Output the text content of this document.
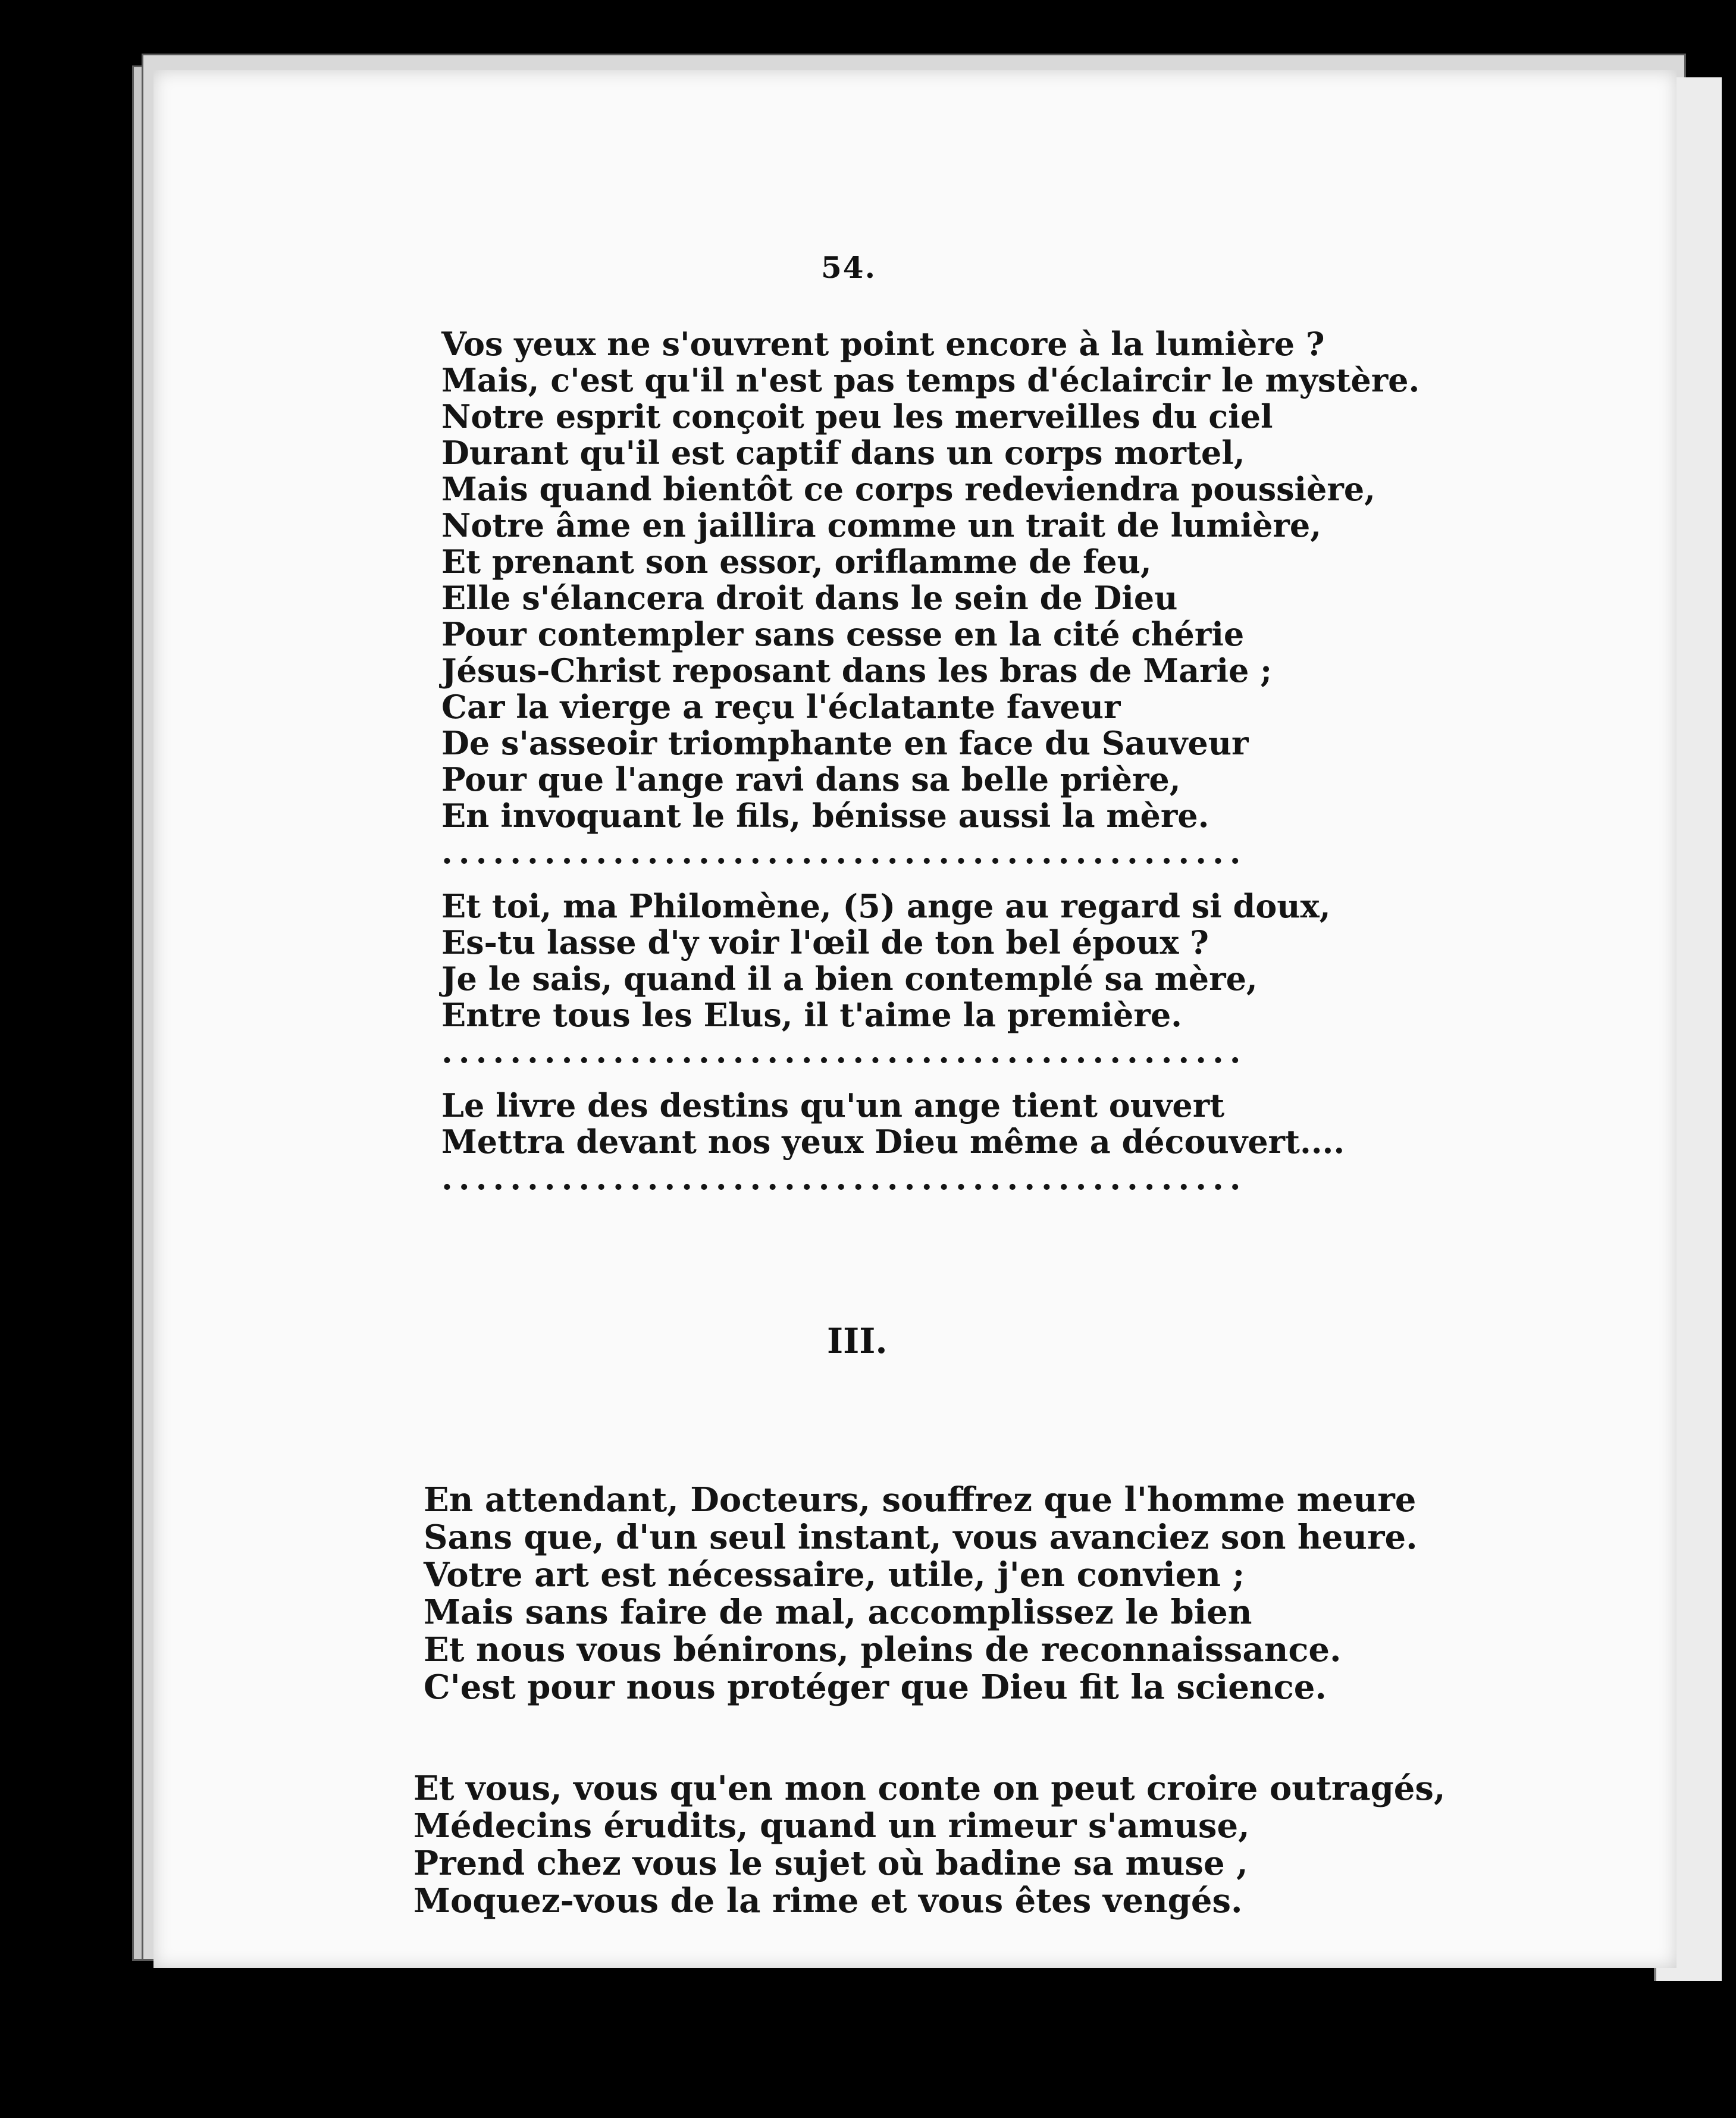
54.
Vos yeux ne s'ouvrent point encore à la lumière ?
Mais, c'est qu'il n'est pas temps d'éclaircir le mystère.
Notre esprit conçoit peu les merveilles du ciel
Durant qu'il est captif dans un corps mortel,
Mais quand bientôt ce corps redeviendra poussière,
Notre âme en jaillira comme un trait de lumière,
Et prenant son essor, oriflamme de feu,
Elle s'élancera droit dans le sein de Dieu
Pour contempler sans cesse en la cité chérie
Jésus-Christ reposant dans les bras de Marie ;
Car la vierge a reçu l'éclatante faveur
De s'asseoir triomphante en face du Sauveur
Pour que l'ange ravi dans sa belle prière,
En invoquant le fils, bénisse aussi la mère.
...............................................
Et toi, ma Philomène, (5) ange au regard si doux,
Es-tu lasse d'y voir l'œil de ton bel époux ?
Je le sais, quand il a bien contemplé sa mère,
Entre tous les Elus, il t'aime la première.
...............................................
Le livre des destins qu'un ange tient ouvert
Mettra devant nos yeux Dieu même a découvert....
...............................................
III.
En attendant, Docteurs, souffrez que l'homme meure
Sans que, d'un seul instant, vous avanciez son heure.
Votre art est nécessaire, utile, j'en convien ;
Mais sans faire de mal, accomplissez le bien
Et nous vous bénirons, pleins de reconnaissance.
C'est pour nous protéger que Dieu fit la science.
Et vous, vous qu'en mon conte on peut croire outragés,
Médecins érudits, quand un rimeur s'amuse,
Prend chez vous le sujet où badine sa muse ,
Moquez-vous de la rime et vous êtes vengés.
